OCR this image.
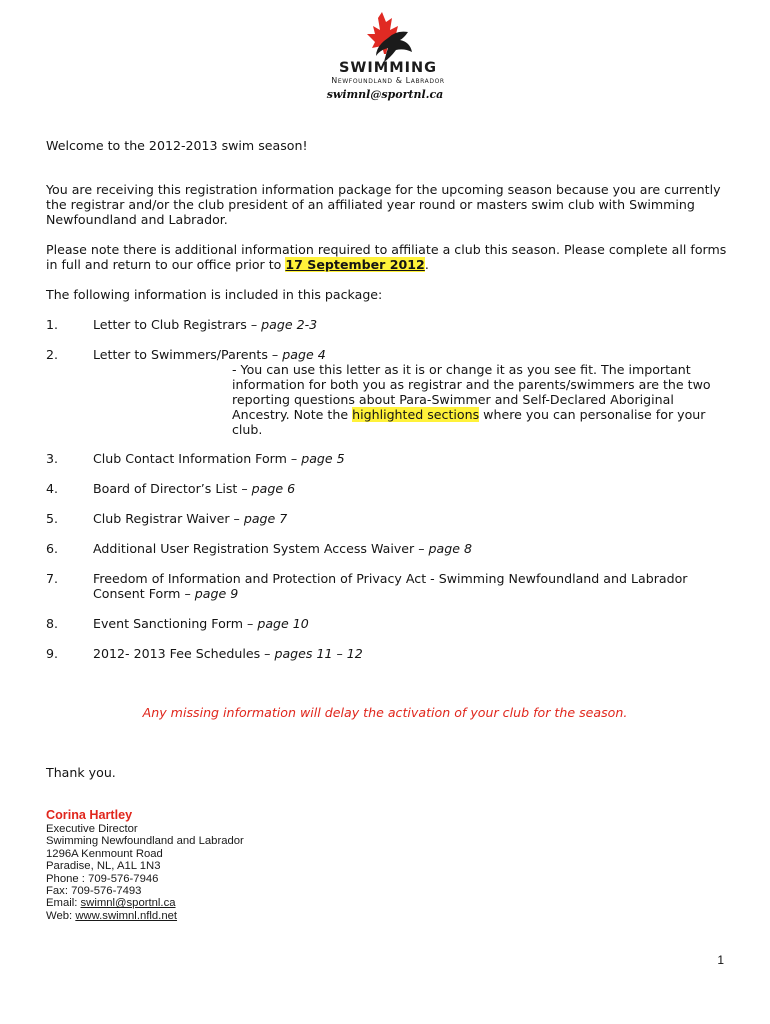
SWIMMING
Newfoundland & Labrador
swimnl@sportnl.ca
Welcome to the 2012-2013 swim season!
You are receiving this registration information package for the upcoming season because you are currently
the registrar and/or the club president of an affiliated year round or masters swim club with Swimming
Newfoundland and Labrador.
Please note there is additional information required to affiliate a club this season. Please complete all forms
in full and return to our office prior to 17 September 2012.
The following information is included in this package:
1.	Letter to Club Registrars – page 2-3
2.	Letter to Swimmers/Parents – page 4
- You can use this letter as it is or change it as you see fit. The important
information for both you as registrar and the parents/swimmers are the two
reporting questions about Para-Swimmer and Self-Declared Aboriginal
Ancestry. Note the highlighted sections where you can personalise for your
club.
3.	Club Contact Information Form – page 5
4.	Board of Director’s List – page 6
5.	Club Registrar Waiver – page 7
6.	Additional User Registration System Access Waiver – page 8
7.	Freedom of Information and Protection of Privacy Act - Swimming Newfoundland and Labrador
Consent Form – page 9
8.	Event Sanctioning Form – page 10
9.	2012- 2013 Fee Schedules – pages 11 – 12
Any missing information will delay the activation of your club for the season.
Thank you.
Corina Hartley
Executive Director
Swimming Newfoundland and Labrador
1296A Kenmount Road
Paradise, NL, A1L 1N3
Phone : 709-576-7946
Fax: 709-576-7493
Email: swimnl@sportnl.ca
Web: www.swimnl.nfld.net
1
